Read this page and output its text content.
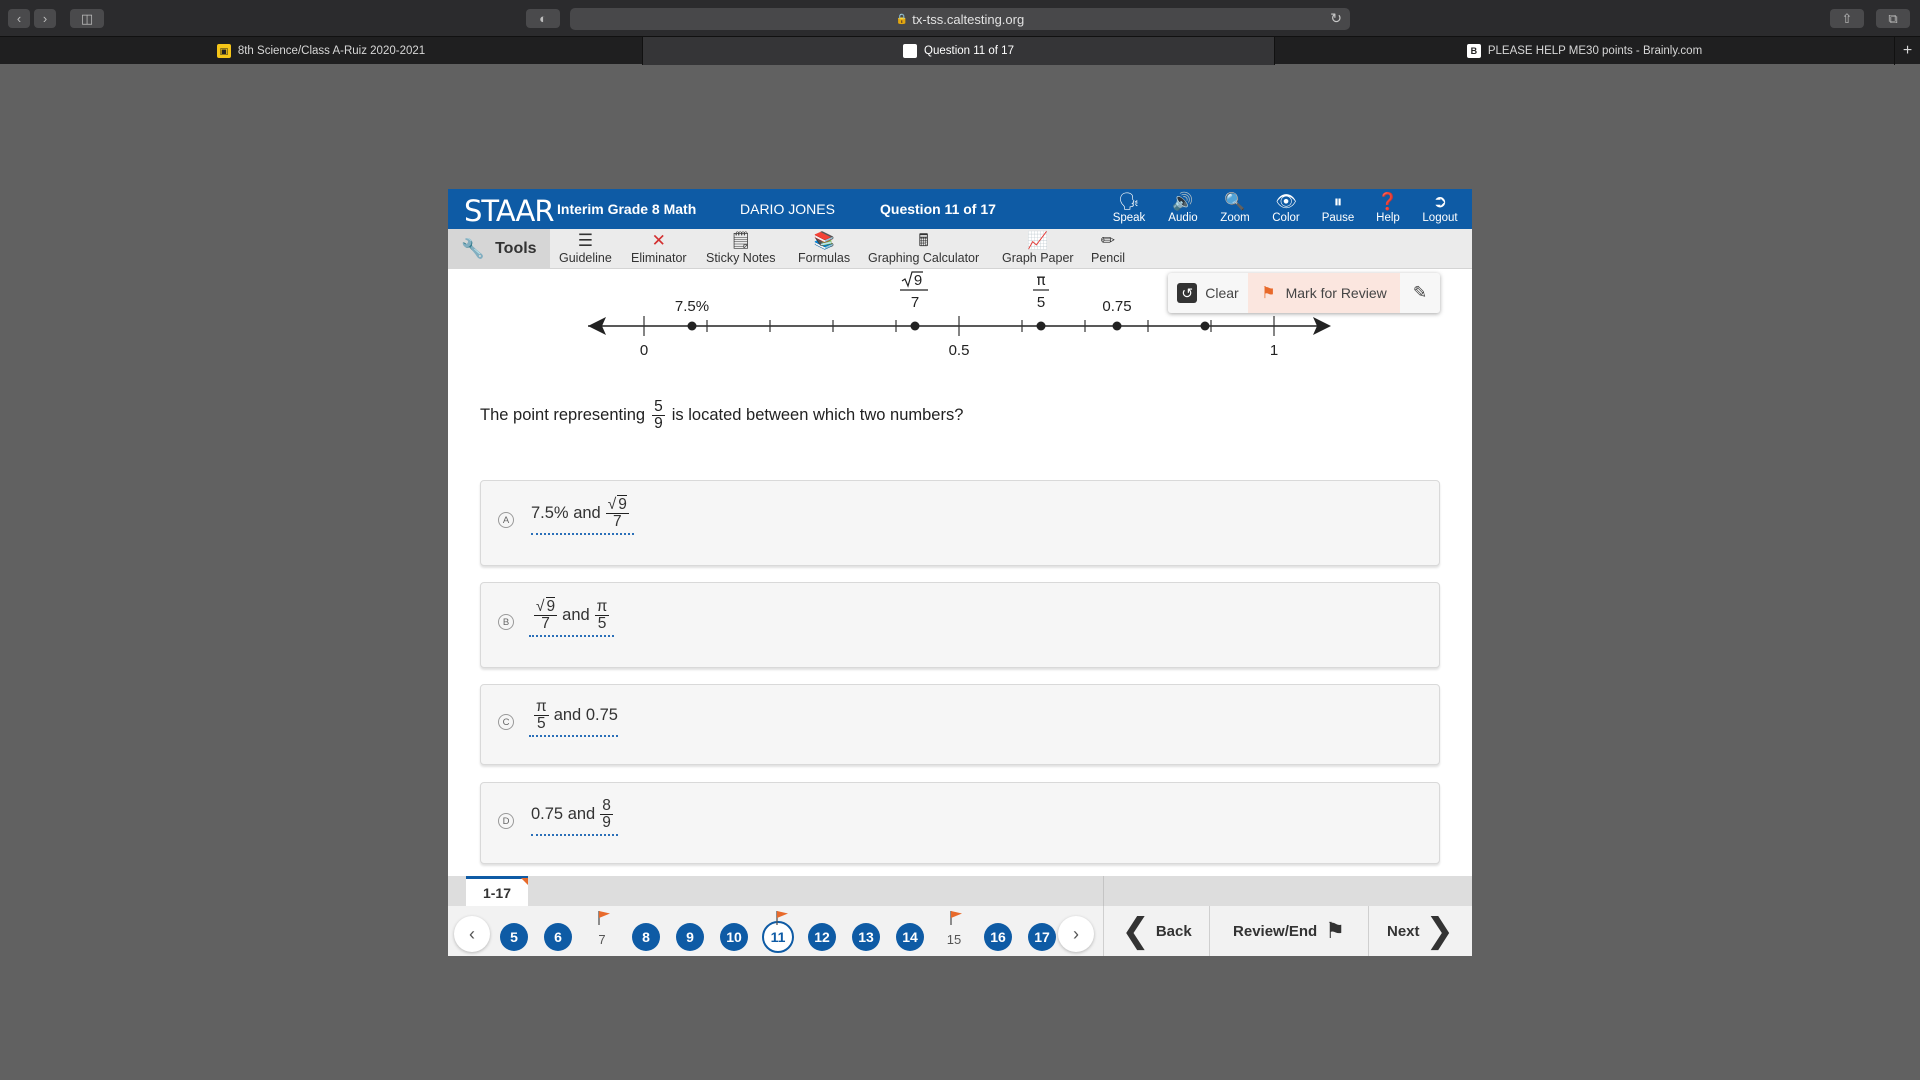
‹	›	◫	◐	🔒 tx-tss.caltesting.org	↻	⇧	⧉
▣ 8th Science/Class A-Ruiz 2020-2021	Question 11 of 17	B PLEASE HELP ME30 points - Brainly.com	+
STAAR Interim Grade 8 Math	DARIO JONES	Question 11 of 17	🗣
Speak
🔊
Audio
🔍
Zoom
👁
Color
⏸
Pause
❓
Help
➲
Logout
🔧 Tools	☰
Guideline
✕
Eliminator
🗒
Sticky Notes
📚
Formulas
🖩
Graphing Calculator
📈
Graph Paper
✏
Pencil
0	0.5	1
7.5%
9
7
π
5	0.75
↺ Clear ⚑ Mark for Review ✎
The point representing $\frac{5}{9}$ is located between which two numbers?
A 7.5% and $\frac{√ 9}{7}$
B	$\frac{√ 9}{7}$ and $\frac{\pi}{5}$
C $\frac{\pi}{5}$ and 0.75
D 0.75 and $\frac{8}{9}$
1-17
‹	5	6	7	8	9	10	11	12	13	14	15	16	17	› ❮ Back	Review/End ⚑	Next ❯
